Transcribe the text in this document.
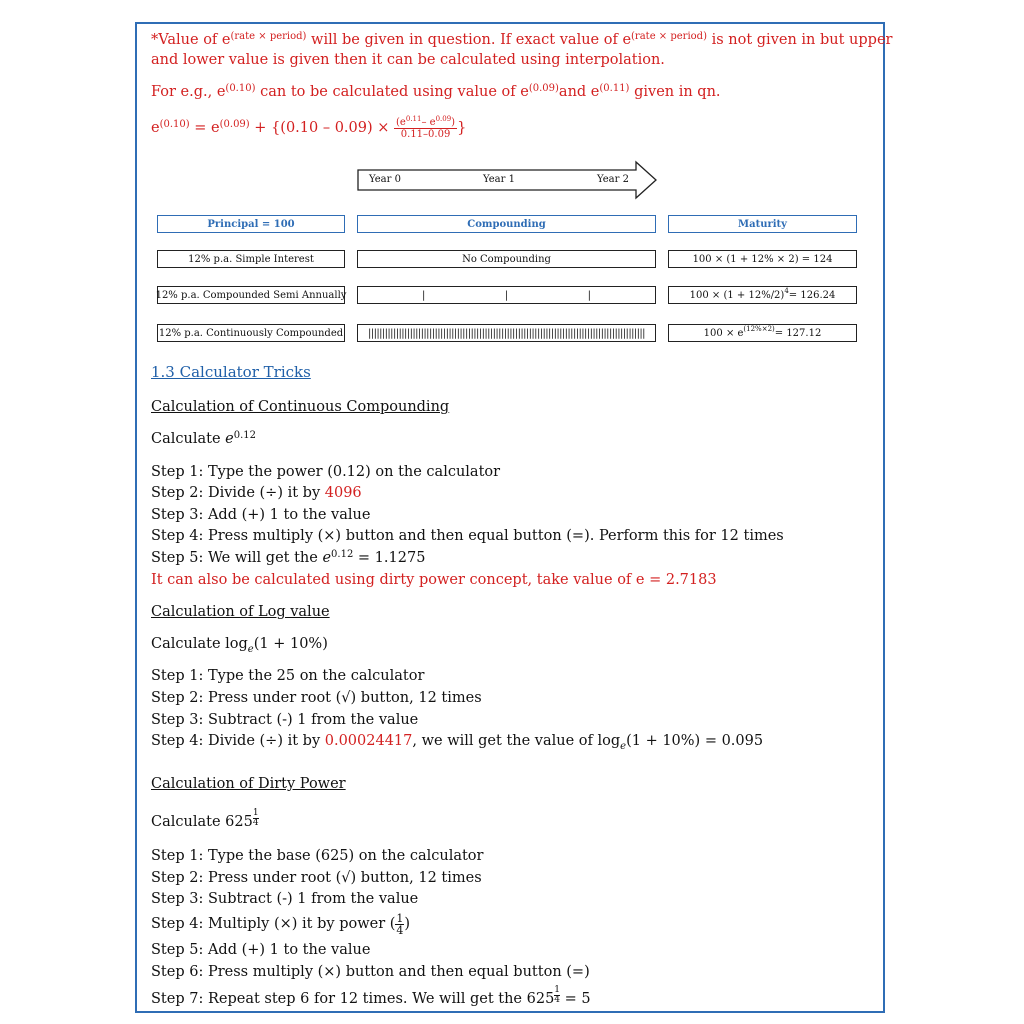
*Value of $e^{(rate \times period)}$ will be given in question. If exact value of $e^{(rate \times period)}$ is not given in but upper
and lower value is given then it can be calculated using interpolation.
For e.g., $e^{(0.10)}$ can to be calculated using value of $e^{(0.09)}and$ $e^{(0.11)}$ given in qn.
$e^{(0.10)} = e^{(0.09)} + \{(0.10 - 0.09) \times \frac{(e^{0.11}- e^{0.09})}{0.11-0.09}$ }
Year 0	Year 1	Year 2
Principal = 100	Compounding	Maturity
12% p.a. Simple Interest	No Compounding	100 × (1 + 12% × 2) = 124
12% p.a. Compounded Semi Annually	|                         |                         |	$100 \times (1 + 12\%/2)^4 = 126.24$
12% p.a. Continuously Compounded	||||||||||||||||||||||||||||||||||||||||||||||||||||||||||||||||||||||||||||||||||||||||||||||||||||	$100 \times e^{(12\%\times 2)} = 127.12$
1.3 Calculator Tricks
Calculation of Continuous Compounding
Calculate $e^{0.12}$
Step 1: Type the power (0.12) on the calculator
Step 2: Divide (÷) it by 4096
Step 3: Add (+) 1 to the value
Step 4: Press multiply (×) button and then equal button (=). Perform this for 12 times
Step 5: We will get the $e^{0.12} = 1.1275$
It can also be calculated using dirty power concept, take value of e = 2.7183
Calculation of Log value
Calculate $\log_e(1 + 10\%)$
Step 1: Type the 25 on the calculator
Step 2: Press under root (√) button, 12 times
Step 3: Subtract (-) 1 from the value
Step 4: Divide (÷) it by 0.00024417, we will get the value of $\log_e(1 + 10\%) = 0.095$
Calculation of Dirty Power
Calculate $625 \frac{1}{4}$
Step 1: Type the base (625) on the calculator
Step 2: Press under root (√) button, 12 times
Step 3: Subtract (-) 1 from the value
Step 4: Multiply (×) it by power ( $\frac{1}{4}$)
Step 5: Add (+) 1 to the value
Step 6: Press multiply (×) button and then equal button (=)
Step 7: Repeat step 6 for 12 times. We will get the $625 \frac{1}{4} = 5$
